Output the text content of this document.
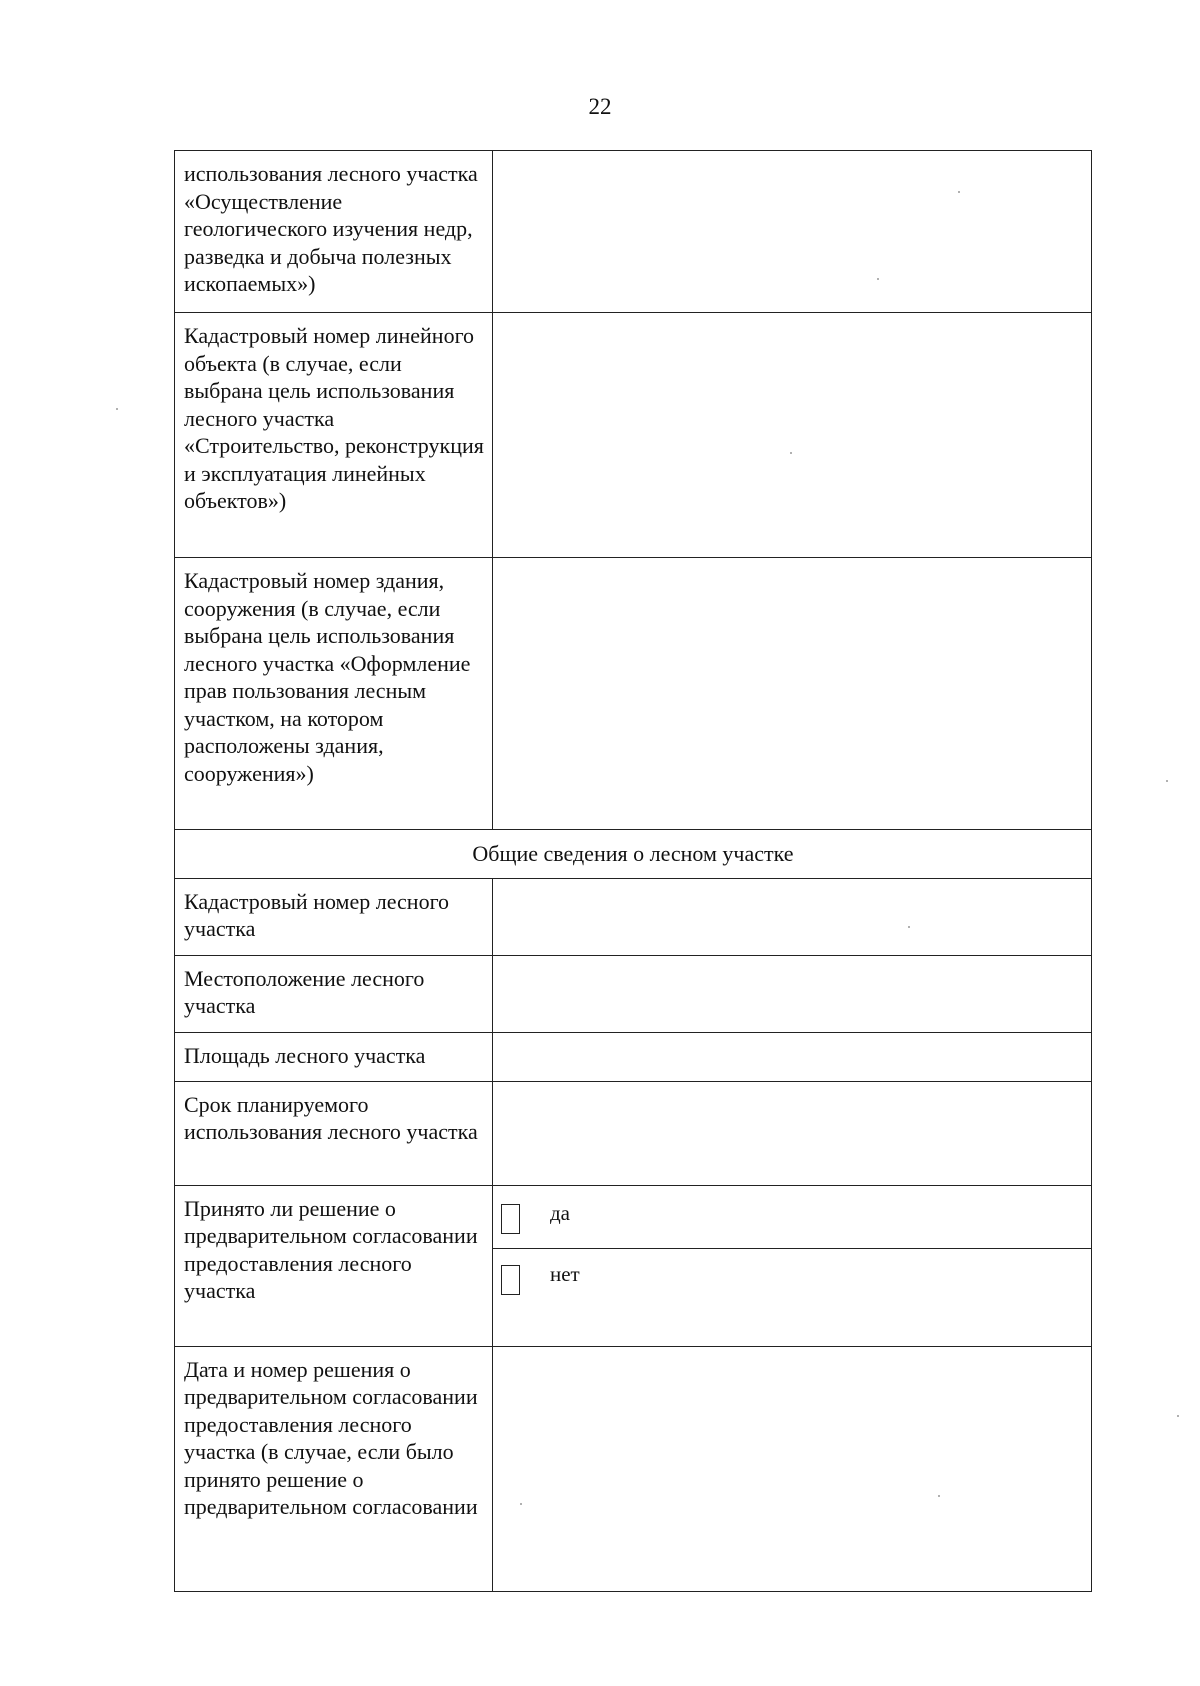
22
использования лесного участка «Осуществление геологического изучения недр, разведка и добыча полезных ископаемых»)	
Кадастровый номер линейного объекта (в случае, если выбрана цель использования лесного участка «Строительство, реконструкция и эксплуатация линейных объектов»)	
Кадастровый номер здания, сооружения (в случае, если выбрана цель использования лесного участка «Оформление прав пользования лесным участком, на котором расположены здания, сооружения»)	
Общие сведения о лесном участке	
Кадастровый номер лесного участка	
Местоположение лесного участка	
Площадь лесного участка	
Срок планируемого использования лесного участка	
Принято ли решение о предварительном согласовании предоставления лесного участка	да
нет

Дата и номер решения о предварительном согласовании предоставления лесного участка (в случае, если было принято решение о предварительном согласовании	
